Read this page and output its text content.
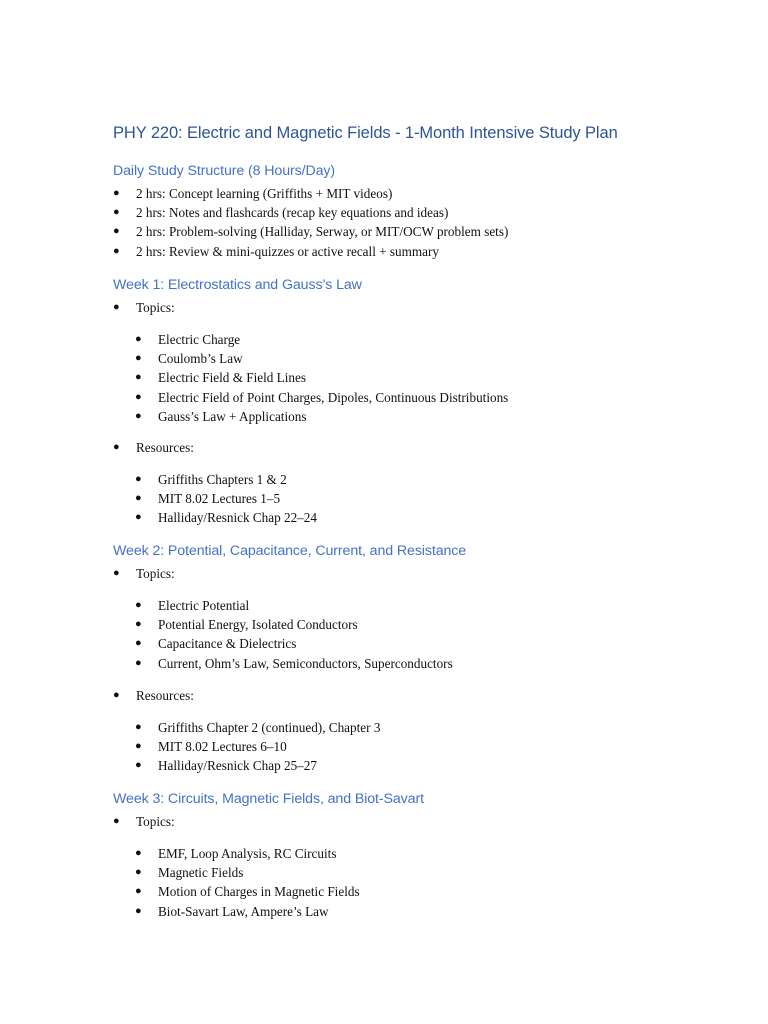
PHY 220: Electric and Magnetic Fields - 1-Month Intensive Study Plan
Daily Study Structure (8 Hours/Day)
● 2 hrs: Concept learning (Griffiths + MIT videos)
● 2 hrs: Notes and flashcards (recap key equations and ideas)
● 2 hrs: Problem-solving (Halliday, Serway, or MIT/OCW problem sets)
● 2 hrs: Review & mini-quizzes or active recall + summary
Week 1: Electrostatics and Gauss’s Law
● Topics:
● Electric Charge
● Coulomb’s Law
● Electric Field & Field Lines
● Electric Field of Point Charges, Dipoles, Continuous Distributions
● Gauss’s Law + Applications
● Resources:
● Griffiths Chapters 1 & 2
● MIT 8.02 Lectures 1–5
● Halliday/Resnick Chap 22–24
Week 2: Potential, Capacitance, Current, and Resistance
● Topics:
● Electric Potential
● Potential Energy, Isolated Conductors
● Capacitance & Dielectrics
● Current, Ohm’s Law, Semiconductors, Superconductors
● Resources:
● Griffiths Chapter 2 (continued), Chapter 3
● MIT 8.02 Lectures 6–10
● Halliday/Resnick Chap 25–27
Week 3: Circuits, Magnetic Fields, and Biot-Savart
● Topics:
● EMF, Loop Analysis, RC Circuits
● Magnetic Fields
● Motion of Charges in Magnetic Fields
● Biot-Savart Law, Ampere’s Law
